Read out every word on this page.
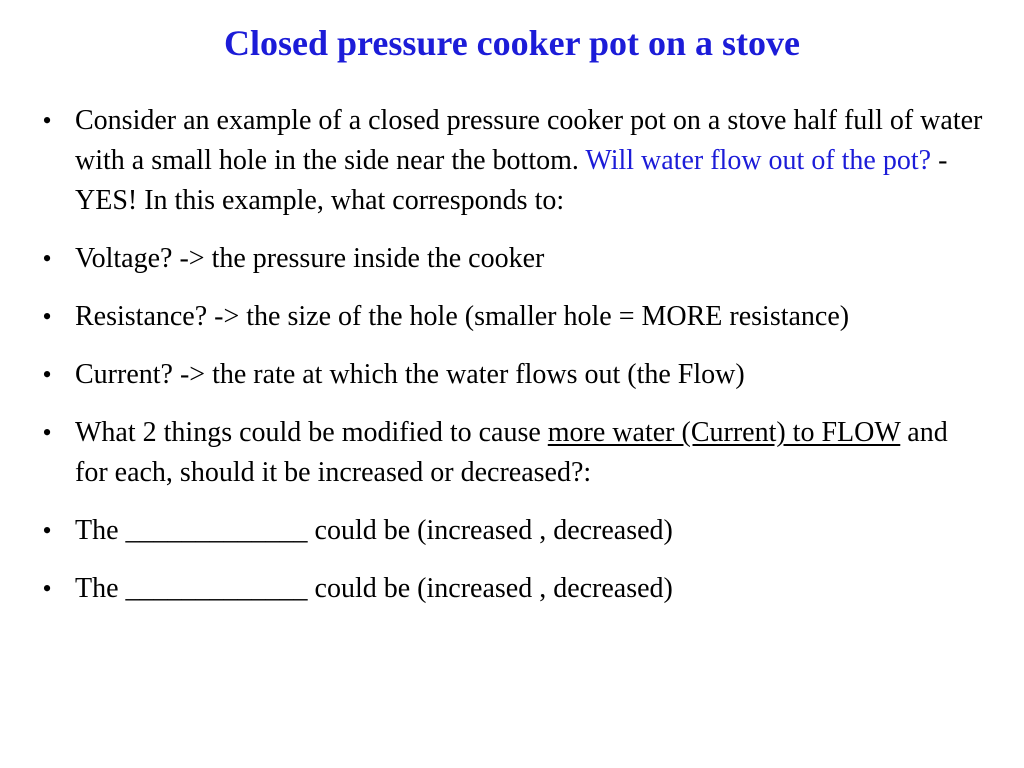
Closed pressure cooker pot on a stove
• Consider an example of a closed pressure cooker pot on a stove half full of water with a small hole in the side near the bottom. Will water flow out of the pot? - YES! In this example, what corresponds to:
• Voltage? -> the pressure inside the cooker
• Resistance? -> the size of the hole (smaller hole = MORE resistance)
• Current? -> the rate at which the water flows out (the Flow)
• What 2 things could be modified to cause more water (Current) to FLOW and for each, should it be increased or decreased?:
• The _____________ could be (increased , decreased)
• The _____________ could be (increased , decreased)
